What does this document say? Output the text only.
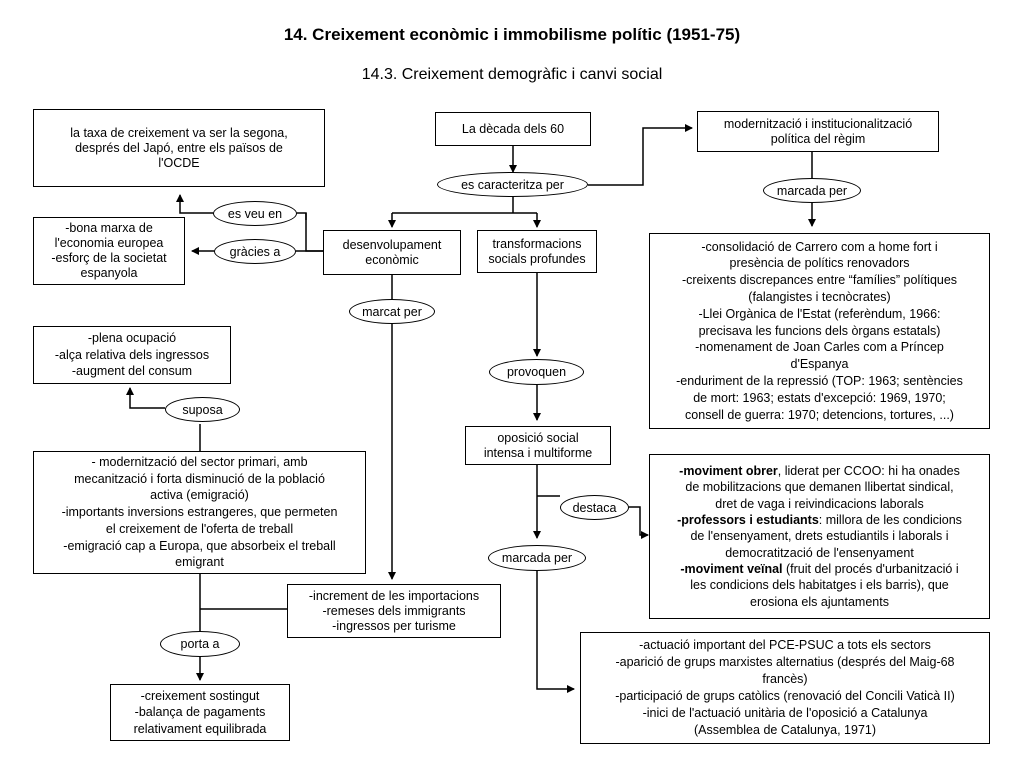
14. Creixement econòmic i immobilisme polític (1951-75)
14.3. Creixement demogràfic i canvi social

La dècada dels 60	modernització i institucionalització

política del règim

la taxa de creixement va ser la segona,

després del Japó, entre els països de

l'OCDE

-bona marxa de

l'economia europea

-esforç de la societat

espanyola

desenvolupament

econòmic

transformacions

socials profundes

-consolidació de Carrero com a home fort i

presència de polítics renovadors

-creixents discrepances entre “famílies” polítiques

(falangistes i tecnòcrates)

-Llei Orgànica de l'Estat (referèndum, 1966:

precisava les funcions dels òrgans estatals)

-nomenament de Joan Carles com a Príncep

d'Espanya

-enduriment de la repressió (TOP: 1963; sentències

de mort: 1963; estats d'excepció: 1969, 1970;

consell de guerra: 1970; detencions, tortures, ...)

-plena ocupació

-alça relativa dels ingressos

-augment del consum

oposició social

intensa i multiforme

-moviment obrer, liderat per CCOO: hi ha onades

de mobilitzacions que demanen llibertat sindical,

dret de vaga i reivindicacions laborals

-professors i estudiants: millora de les condicions

de l'ensenyament, drets estudiantils i laborals i

democratització de l'ensenyament

-moviment veïnal (fruit del procés d'urbanització i

les condicions dels habitatges i els barris), que

erosiona els ajuntaments

- modernització del sector primari, amb

mecanització i forta disminució de la població

activa (emigració)

-importants inversions estrangeres, que permeten

el creixement de l'oferta de treball

-emigració cap a Europa, que absorbeix el treball

emigrant

-increment de les importacions

-remeses dels immigrants

-ingressos per turisme

-creixement sostingut

-balança de pagaments

relativament equilibrada

-actuació important del PCE-PSUC a tots els sectors

-aparició de grups marxistes alternatius (després del Maig-68

francès)

-participació de grups catòlics (renovació del Concili Vaticà II)

-inici de l'actuació unitària de l'oposició a Catalunya

(Assemblea de Catalunya, 1971)

es caracteritza per	marcada per
es veu en
gràcies a
marcat per
provoquen
suposa
destaca
marcada per
porta a
